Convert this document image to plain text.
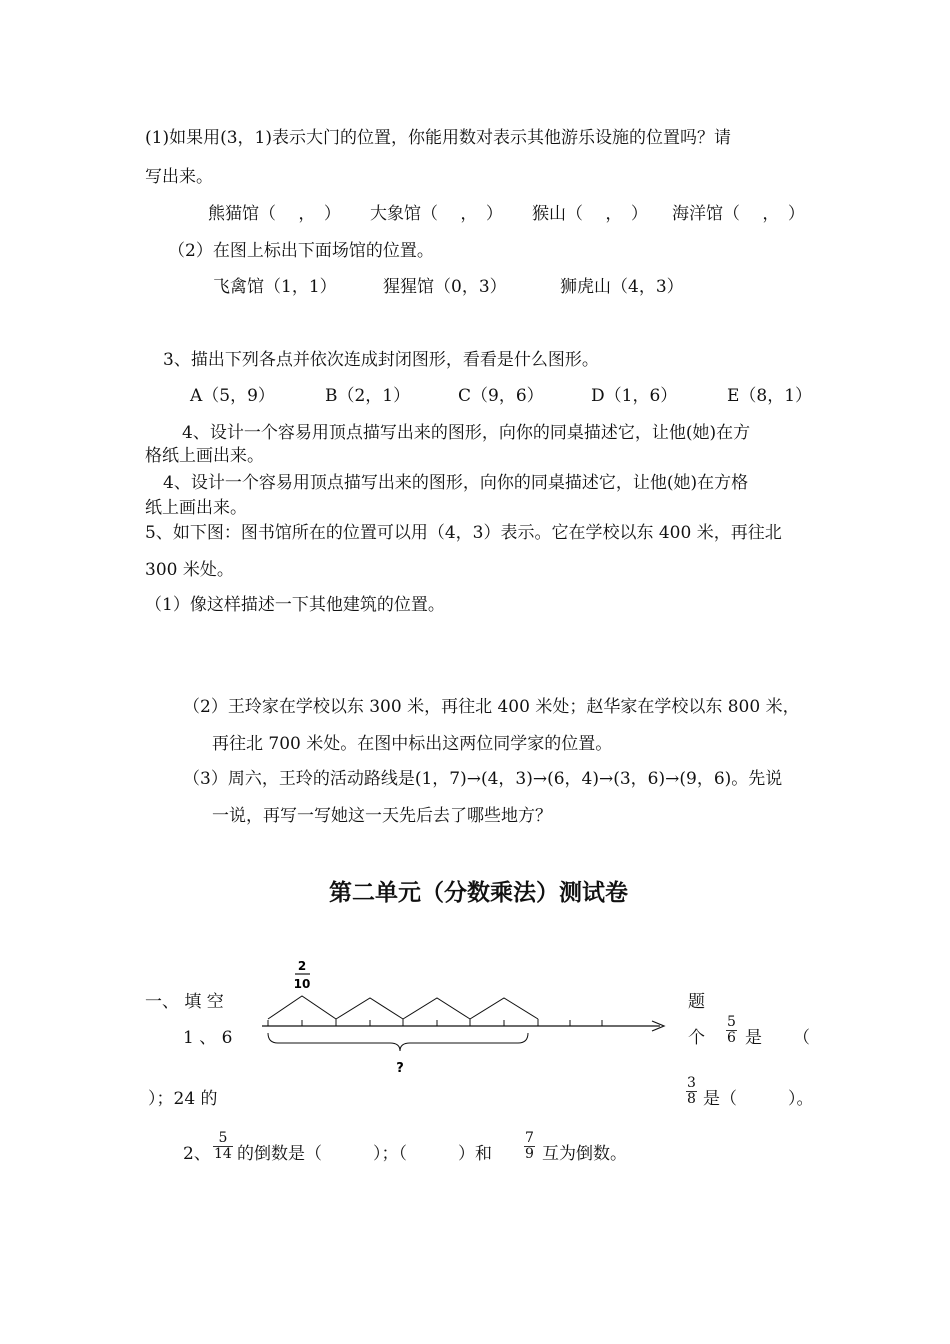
(1)如果用(3，1)表示大门的位置，你能用数对表示其他游乐设施的位置吗？请
写出来。
熊猫馆（　 ，　） 大象馆（　 ，　） 猴山（　 ，　） 海洋馆（　 ，　）
（2）在图上标出下面场馆的位置。
飞禽馆（1，1）	猩猩馆（0，3）	狮虎山（4，3）
3、描出下列各点并依次连成封闭图形，看看是什么图形。
A（5，9）	B（2，1）	C（9，6）	D（1，6）	E（8，1）
4、设计一个容易用顶点描写出来的图形，向你的同桌描述它，让他(她)在方
格纸上画出来。
4、设计一个容易用顶点描写出来的图形，向你的同桌描述它，让他(她)在方格
纸上画出来。
5、如下图：图书馆所在的位置可以用（4，3）表示。它在学校以东 400 米，再往北
300 米处。
（1）像这样描述一下其他建筑的位置。
（2）王玲家在学校以东 300 米，再往北 400 米处；赵华家在学校以东 800 米，
再往北 700 米处。在图中标出这两位同学家的位置。
（3）周六，王玲的活动路线是(1，7)→(4，3)→(6，4)→(3，6)→(9，6)。先说
一说，再写一写她这一天先后去了哪些地方？
第二单元（分数乘法）测试卷
一、 填 空	题
1 、 6	个 $\frac{5}{6}$ 是 （
）；24 的	$\frac{3}{8}$ 是（　　　）。
2
10
?
2、 $\frac{5}{14}$ 的倒数是（　　　）；（　　　）和 $\frac{7}{9}$ 互为倒数。
